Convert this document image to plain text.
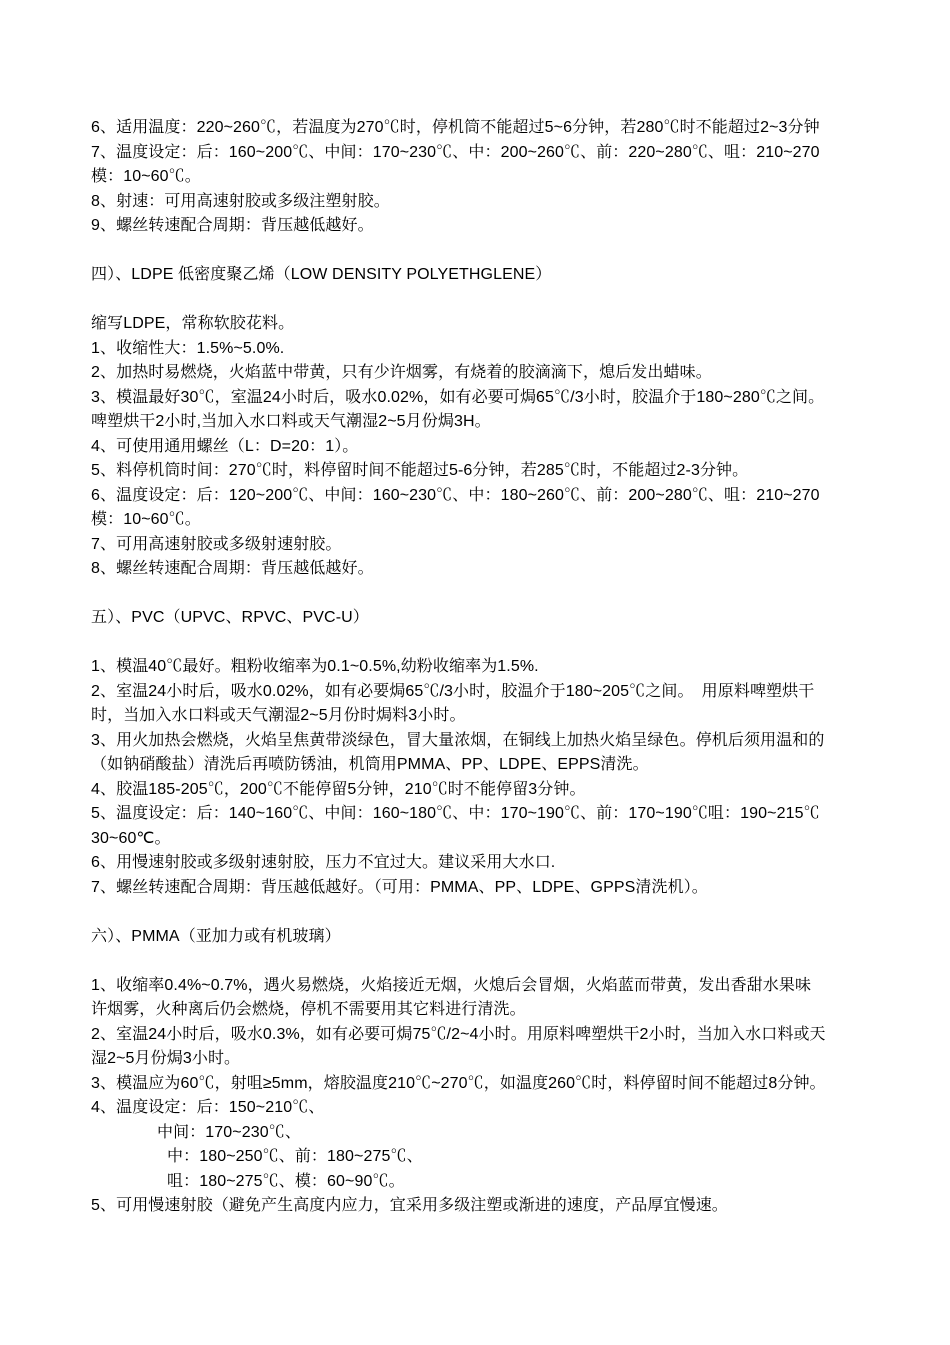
6、适用温度：220~260℃，若温度为270℃时，停机筒不能超过5~6分钟，若280℃时不能超过2~3分钟
7、温度设定：后：160~200℃、中间：170~230℃、中：200~260℃、前：220~280℃、咀：210~270
模：10~60℃。
8、射速：可用高速射胶或多级注塑射胶。
9、螺丝转速配合周期：背压越低越好。
四）、LDPE 低密度聚乙烯（LOW DENSITY POLYETHGLENE）
缩写LDPE，常称软胶花料。
1、收缩性大：1.5%~5.0%.
2、加热时易燃烧，火焰蓝中带黄，只有少许烟雾，有烧着的胶滴滴下，熄后发出蜡味。
3、模温最好30℃，室温24小时后，吸水0.02%，如有必要可焗65℃/3小时，胶温介于180~280℃之间。
啤塑烘干2小时,当加入水口料或天气潮湿2~5月份焗3H。
4、可使用通用螺丝（L：D=20：1）。
5、料停机筒时间：270℃时，料停留时间不能超过5-6分钟，若285℃时，不能超过2-3分钟。
6、温度设定：后：120~200℃、中间：160~230℃、中：180~260℃、前：200~280℃、咀：210~270
模：10~60℃。
7、可用高速射胶或多级射速射胶。
8、螺丝转速配合周期：背压越低越好。
五）、PVC（UPVC、RPVC、PVC-U）
1、模温40℃最好。粗粉收缩率为0.1~0.5%,幼粉收缩率为1.5%.
2、室温24小时后，吸水0.02%，如有必要焗65℃/3小时，胶温介于180~205℃之间。　用原料啤塑烘干
时，当加入水口料或天气潮湿2~5月份时焗料3小时。
3、用火加热会燃烧，火焰呈焦黄带淡绿色，冒大量浓烟，在铜线上加热火焰呈绿色。停机后须用温和的
（如钠硝酸盐）清洗后再喷防锈油，机筒用PMMA、PP、LDPE、EPPS清洗。
4、胶温185-205℃，200℃不能停留5分钟，210℃时不能停留3分钟。
5、温度设定：后：140~160℃、中间：160~180℃、中：170~190℃、前：170~190℃咀：190~215℃
30~60℃。
6、用慢速射胶或多级射速射胶，压力不宜过大。建议采用大水口.
7、螺丝转速配合周期：背压越低越好。（可用：PMMA、PP、LDPE、GPPS清洗机）。
六）、PMMA（亚加力或有机玻璃）
1、收缩率0.4%~0.7%，遇火易燃烧，火焰接近无烟，火熄后会冒烟，火焰蓝而带黄，发出香甜水果味
许烟雾，火种离后仍会燃烧，停机不需要用其它料进行清洗。
2、室温24小时后，吸水0.3%，如有必要可焗75℃/2~4小时。用原料啤塑烘干2小时，当加入水口料或天
湿2~5月份焗3小时。
3、模温应为60℃，射咀≥5mm，熔胶温度210℃~270℃，如温度260℃时，料停留时间不能超过8分钟。
4、温度设定：后：150~210℃、
中间：170~230℃、
中：180~250℃、前：180~275℃、
咀：180~275℃、模：60~90℃。
5、可用慢速射胶（避免产生高度内应力，宜采用多级注塑或渐进的速度，产品厚宜慢速。
